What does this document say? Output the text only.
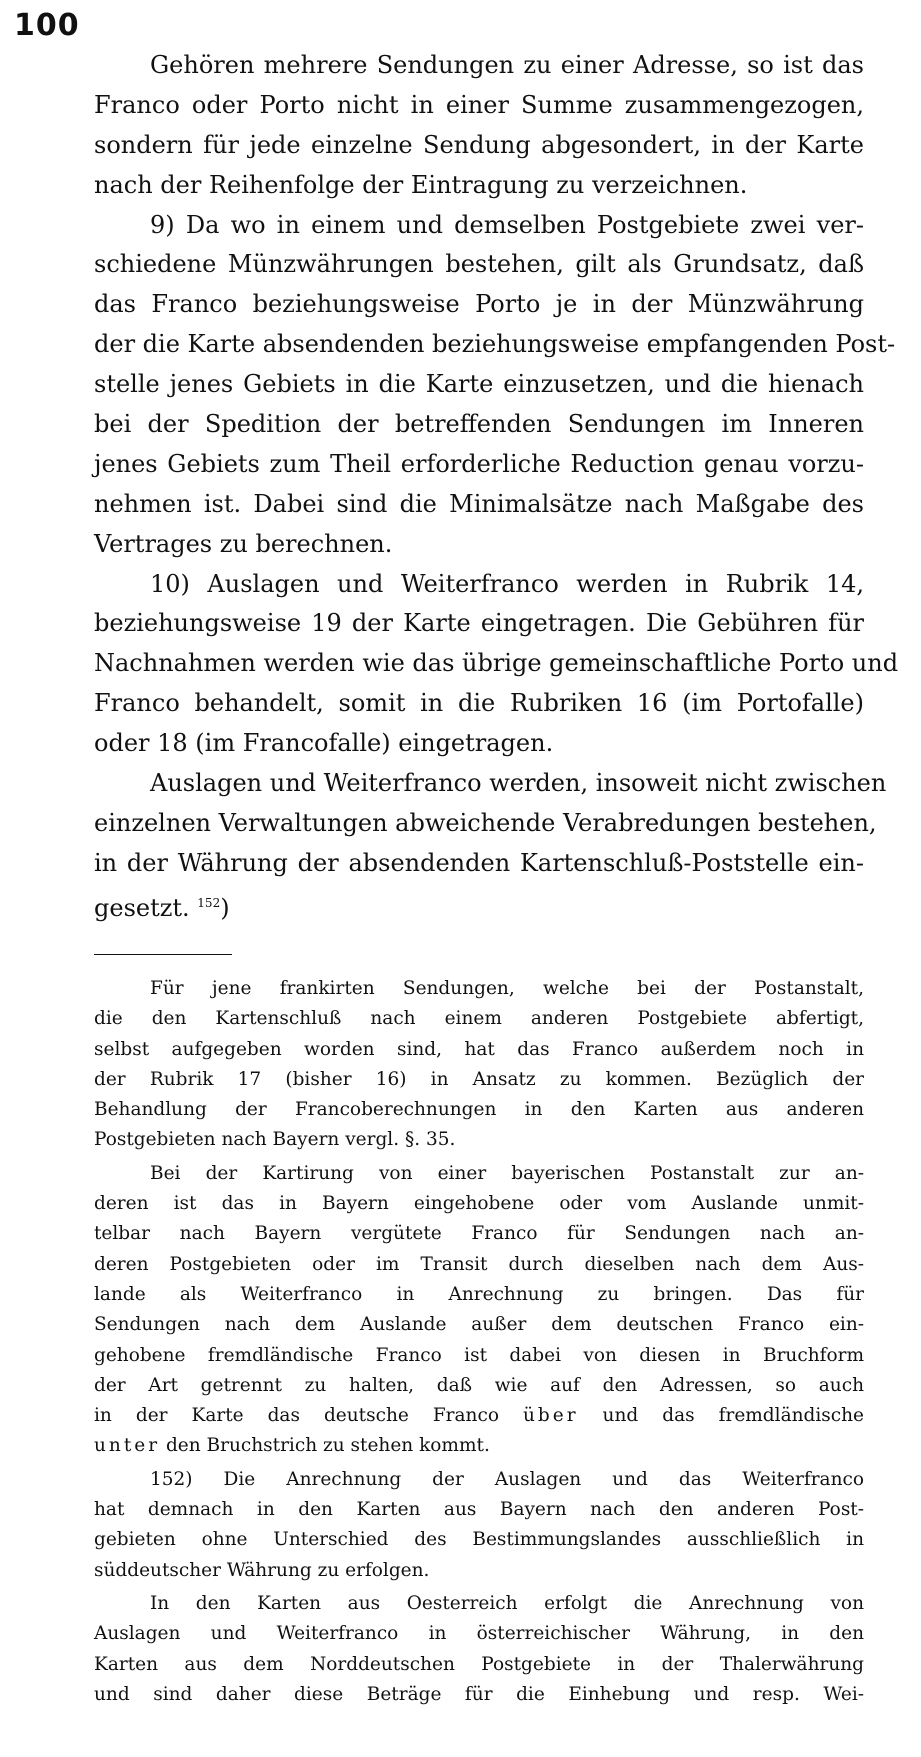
100
Gehören mehrere Sendungen zu einer Adresse, so ist das
Franco oder Porto nicht in einer Summe zusammengezogen,
sondern für jede einzelne Sendung abgesondert, in der Karte
nach der Reihenfolge der Eintragung zu verzeichnen.
9) Da wo in einem und demselben Postgebiete zwei ver-
schiedene Münzwährungen bestehen, gilt als Grundsatz, daß
das Franco beziehungsweise Porto je in der Münzwährung
der die Karte absendenden beziehungsweise empfangenden Post-
stelle jenes Gebiets in die Karte einzusetzen, und die hienach
bei der Spedition der betreffenden Sendungen im Inneren
jenes Gebiets zum Theil erforderliche Reduction genau vorzu-
nehmen ist. Dabei sind die Minimalsätze nach Maßgabe des
Vertrages zu berechnen.
10) Auslagen und Weiterfranco werden in Rubrik 14,
beziehungsweise 19 der Karte eingetragen. Die Gebühren für
Nachnahmen werden wie das übrige gemeinschaftliche Porto und
Franco behandelt, somit in die Rubriken 16 (im Portofalle)
oder 18 (im Francofalle) eingetragen.
Auslagen und Weiterfranco werden, insoweit nicht zwischen
einzelnen Verwaltungen abweichende Verabredungen bestehen,
in der Währung der absendenden Kartenschluß-Poststelle ein-
gesetzt. $^{152}$)
Für jene frankirten Sendungen, welche bei der Postanstalt,
die den Kartenschluß nach einem anderen Postgebiete abfertigt,
selbst aufgegeben worden sind, hat das Franco außerdem noch in
der Rubrik 17 (bisher 16) in Ansatz zu kommen. Bezüglich der
Behandlung der Francoberechnungen in den Karten aus anderen
Postgebieten nach Bayern vergl. §. 35.
Bei der Kartirung von einer bayerischen Postanstalt zur an-
deren ist das in Bayern eingehobene oder vom Auslande unmit-
telbar nach Bayern vergütete Franco für Sendungen nach an-
deren Postgebieten oder im Transit durch dieselben nach dem Aus-
lande als Weiterfranco in Anrechnung zu bringen. Das für
Sendungen nach dem Auslande außer dem deutschen Franco ein-
gehobene fremdländische Franco ist dabei von diesen in Bruchform
der Art getrennt zu halten, daß wie auf den Adressen, so auch
in der Karte das deutsche Franco über und das fremdländische
unter den Bruchstrich zu stehen kommt.
152) Die Anrechnung der Auslagen und das Weiterfranco
hat demnach in den Karten aus Bayern nach den anderen Post-
gebieten ohne Unterschied des Bestimmungslandes ausschließlich in
süddeutscher Währung zu erfolgen.
In den Karten aus Oesterreich erfolgt die Anrechnung von
Auslagen und Weiterfranco in österreichischer Währung, in den
Karten aus dem Norddeutschen Postgebiete in der Thalerwährung
und sind daher diese Beträge für die Einhebung und resp. Wei-
